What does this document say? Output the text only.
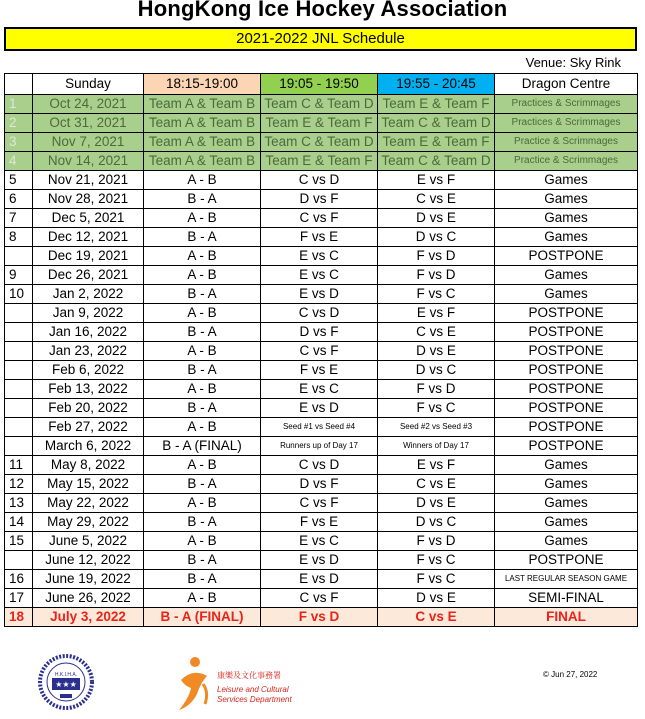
HongKong Ice Hockey Association
2021-2022 JNL Schedule
Venue: Sky Rink
	Sunday	18:15-19:00	19:05 - 19:50	19:55 - 20:45	Dragon Centre
1	Oct 24, 2021	Team A & Team B	Team C & Team D	Team E & Team F	Practices & Scrimmages
2	Oct 31, 2021	Team A & Team B	Team E & Team F	Team C & Team D	Practices & Scrimmages
3	Nov 7, 2021	Team A & Team B	Team C & Team D	Team E & Team F	Practice & Scrimmages
4	Nov 14, 2021	Team A & Team B	Team E & Team F	Team C & Team D	Practice & Scrimmages
5	Nov 21, 2021	A - B	C vs D	E vs F	Games
6	Nov 28, 2021	B - A	D vs F	C vs E	Games
7	Dec 5, 2021	A - B	C vs F	D vs E	Games
8	Dec 12, 2021	B - A	F vs E	D vs C	Games
	Dec 19, 2021	A - B	E vs C	F vs D	POSTPONE
9	Dec 26, 2021	A - B	E vs C	F vs D	Games
10	Jan 2, 2022	B - A	E vs D	F vs C	Games
	Jan 9, 2022	A - B	C vs D	E vs F	POSTPONE
	Jan 16, 2022	B - A	D vs F	C vs E	POSTPONE
	Jan 23, 2022	A - B	C vs F	D vs E	POSTPONE
	Feb 6, 2022	B - A	F vs E	D vs C	POSTPONE
	Feb 13, 2022	A - B	E vs C	F vs D	POSTPONE
	Feb 20, 2022	B - A	E vs D	F vs C	POSTPONE
	Feb 27, 2022	A - B	Seed #1 vs Seed #4	Seed #2 vs Seed #3	POSTPONE
	March 6, 2022	B - A (FINAL)	Runners up of Day 17	Winners of Day 17	POSTPONE
11	May 8, 2022	A - B	C vs D	E vs F	Games
12	May 15, 2022	B - A	D vs F	C vs E	Games
13	May 22, 2022	A - B	C vs F	D vs E	Games
14	May 29, 2022	B - A	F vs E	D vs C	Games
15	June 5, 2022	A - B	E vs C	F vs D	Games
	June 12, 2022	B - A	E vs D	F vs C	POSTPONE
16	June 19, 2022	B - A	E vs D	F vs C	LAST REGULAR SEASON GAME
17	June 26, 2022	A - B	C vs F	D vs E	SEMI-FINAL
18	July 3, 2022	B - A (FINAL)	F vs D	C vs E	FINAL
H.K.I.H.A.
★★★
康樂及文化事務署
Leisure and Cultural
Services Department
© Jun 27, 2022
